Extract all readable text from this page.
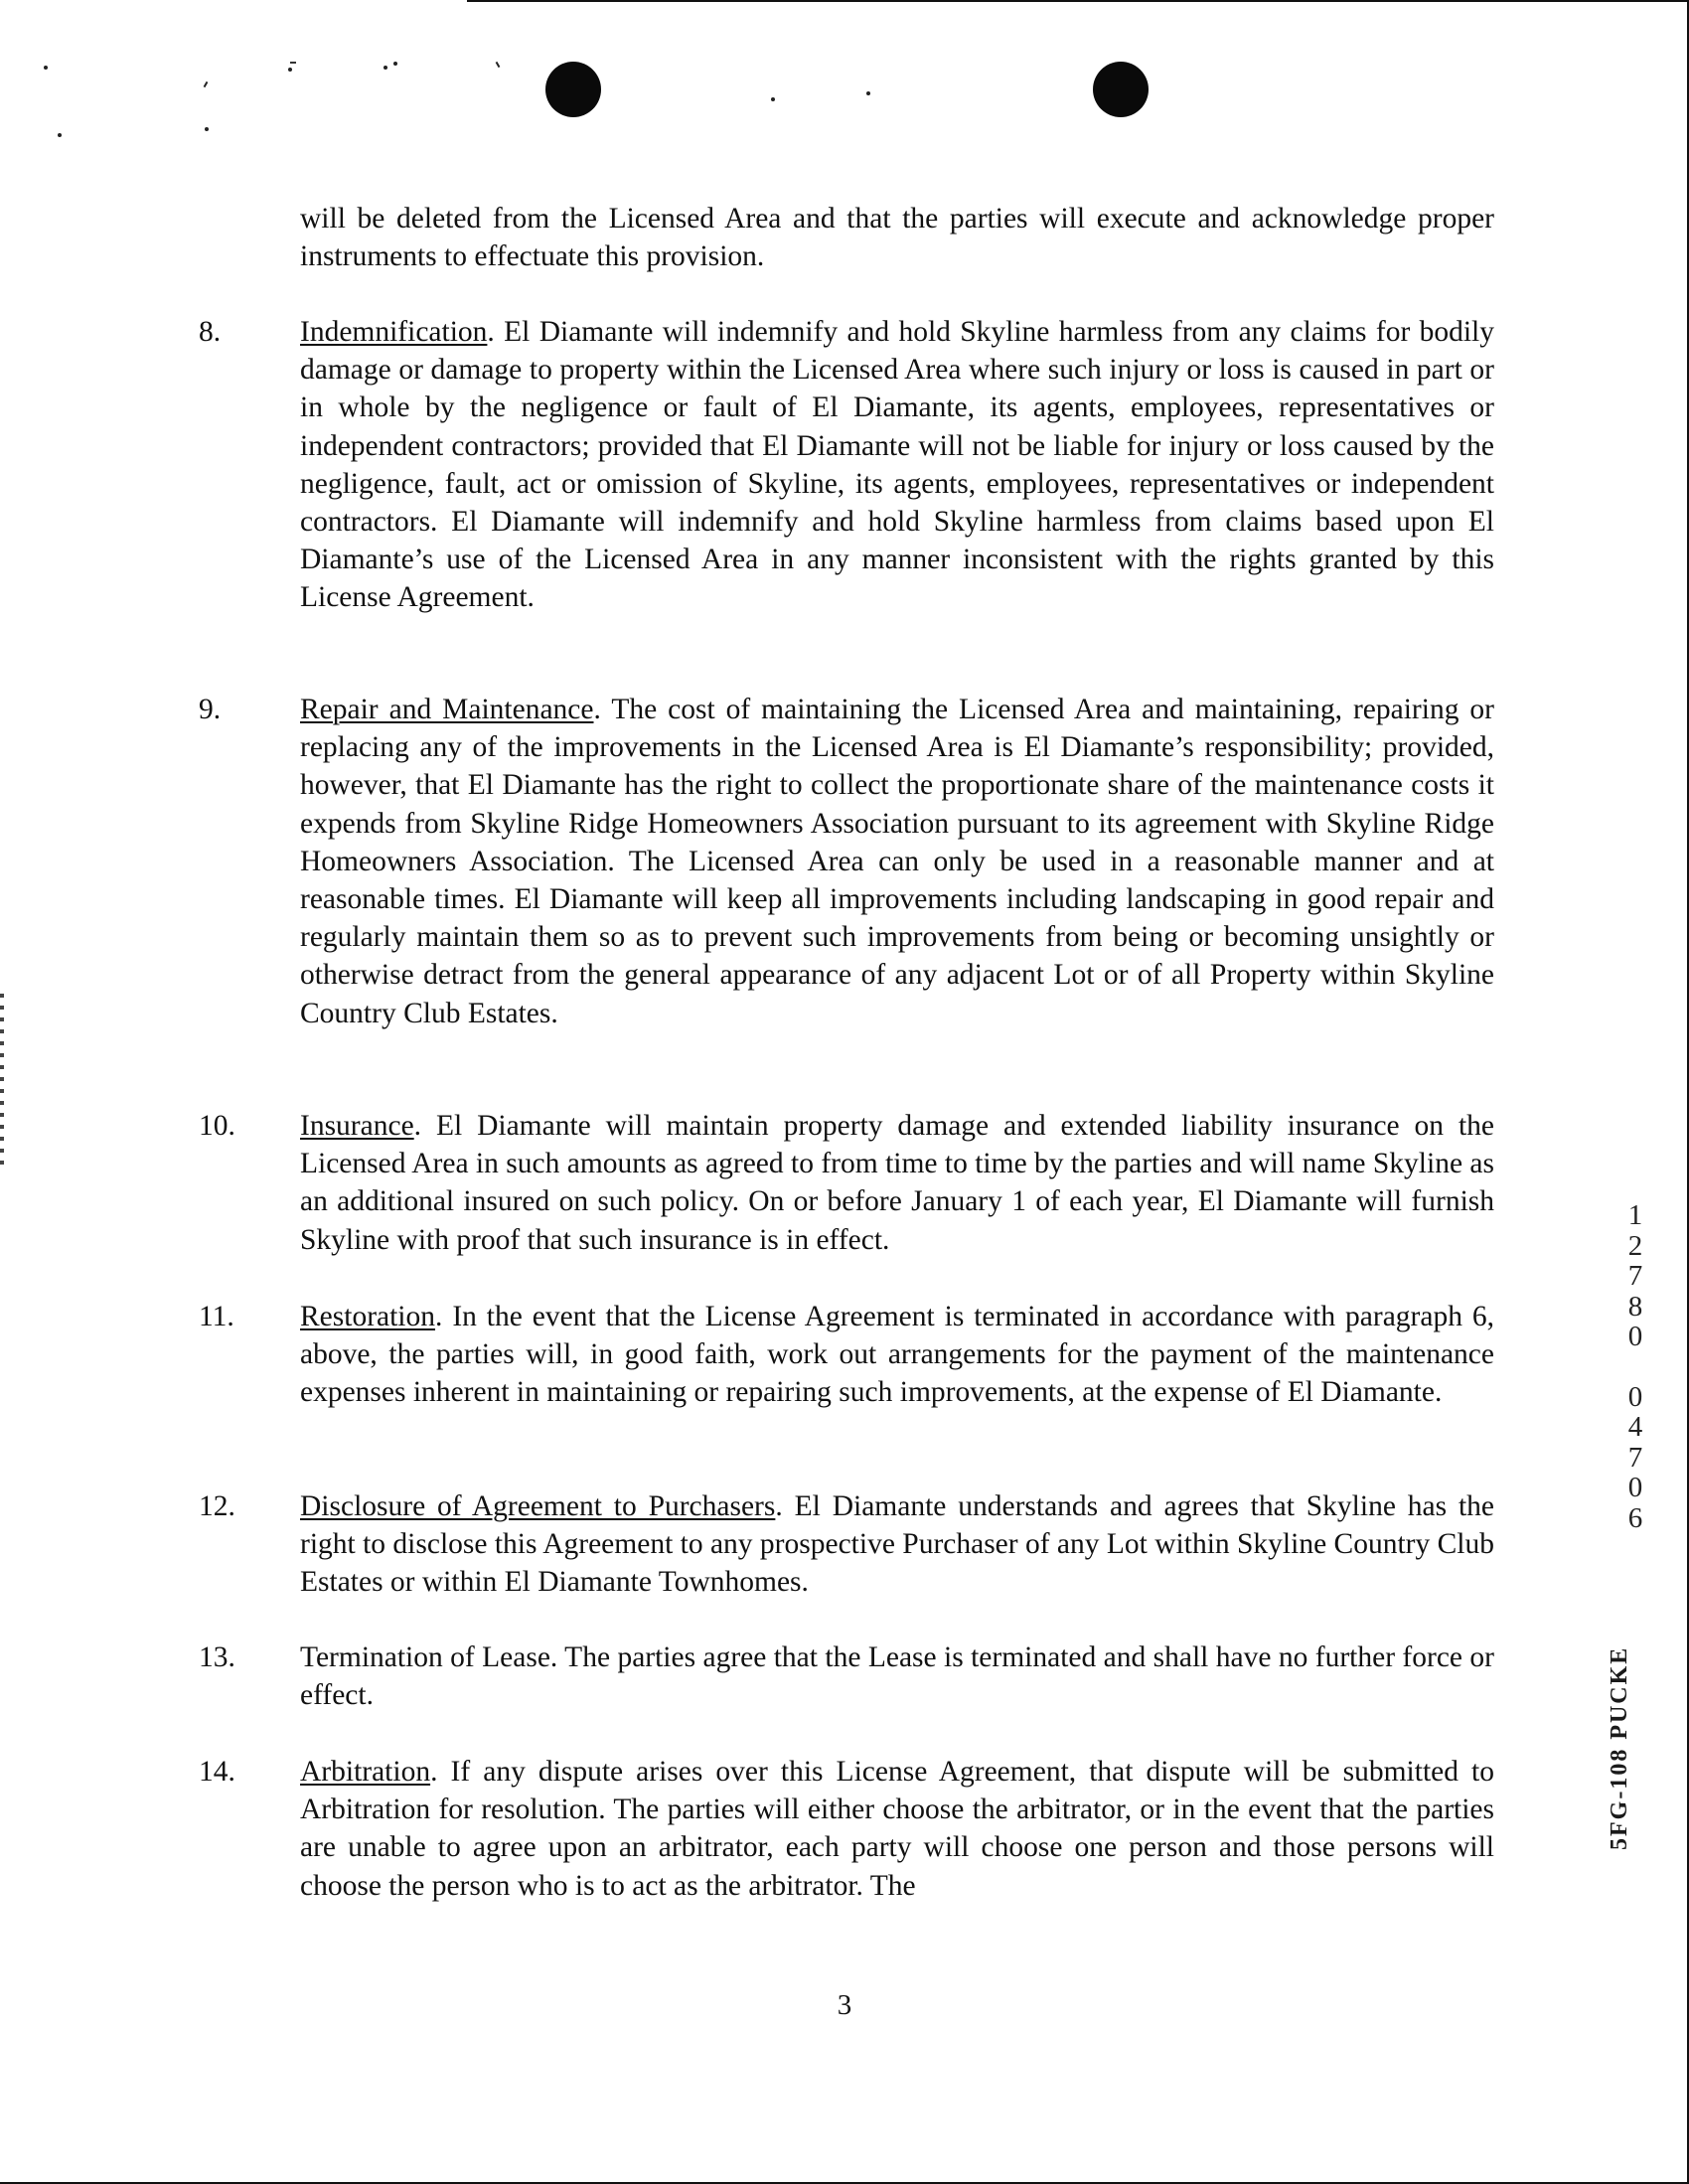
will be deleted from the Licensed Area and that the parties will execute and acknowledge proper instruments to effectuate this provision.
8.	Indemnification. El Diamante will indemnify and hold Skyline harmless from any claims for bodily damage or damage to property within the Licensed Area where such injury or loss is caused in part or in whole by the negligence or fault of El Diamante, its agents, employees, representatives or independent contractors; provided that El Diamante will not be liable for injury or loss caused by the negligence, fault, act or omission of Skyline, its agents, employees, representatives or independent contractors. El Diamante will indemnify and hold Skyline harmless from claims based upon El Diamante’s use of the Licensed Area in any manner inconsistent with the rights granted by this License Agreement.
9.	Repair and Maintenance. The cost of maintaining the Licensed Area and maintaining, repairing or replacing any of the improvements in the Licensed Area is El Diamante’s responsibility; provided, however, that El Diamante has the right to collect the proportionate share of the maintenance costs it expends from Skyline Ridge Homeowners Association pursuant to its agreement with Skyline Ridge Homeowners Association. The Licensed Area can only be used in a reasonable manner and at reasonable times. El Diamante will keep all improvements including landscaping in good repair and regularly maintain them so as to prevent such improvements from being or becoming unsightly or otherwise detract from the general appearance of any adjacent Lot or of all Property within Skyline Country Club Estates.
10. Insurance. El Diamante will maintain property damage and extended liability insurance on the Licensed Area in such amounts as agreed to from time to time by the parties and will name Skyline as an additional insured on such policy. On or before January 1 of each year, El Diamante will furnish Skyline with proof that such insurance is in effect.
11. Restoration. In the event that the License Agreement is terminated in accordance with paragraph 6, above, the parties will, in good faith, work out arrangements for the payment of the maintenance expenses inherent in maintaining or repairing such improvements, at the expense of El Diamante.
12. Disclosure of Agreement to Purchasers. El Diamante understands and agrees that Skyline has the right to disclose this Agreement to any prospective Purchaser of any Lot within Skyline Country Club Estates or within El Diamante Townhomes.
13. Termination of Lease. The parties agree that the Lease is terminated and shall have no further force or effect.
14. Arbitration. If any dispute arises over this License Agreement, that dispute will be submitted to Arbitration for resolution. The parties will either choose the arbitrator, or in the event that the parties are unable to agree upon an arbitrator, each party will choose one person and those persons will choose the person who is to act as the arbitrator. The
3
1
2
7
8
0
0
4
7
0
6
5FG-108 PUCKE
